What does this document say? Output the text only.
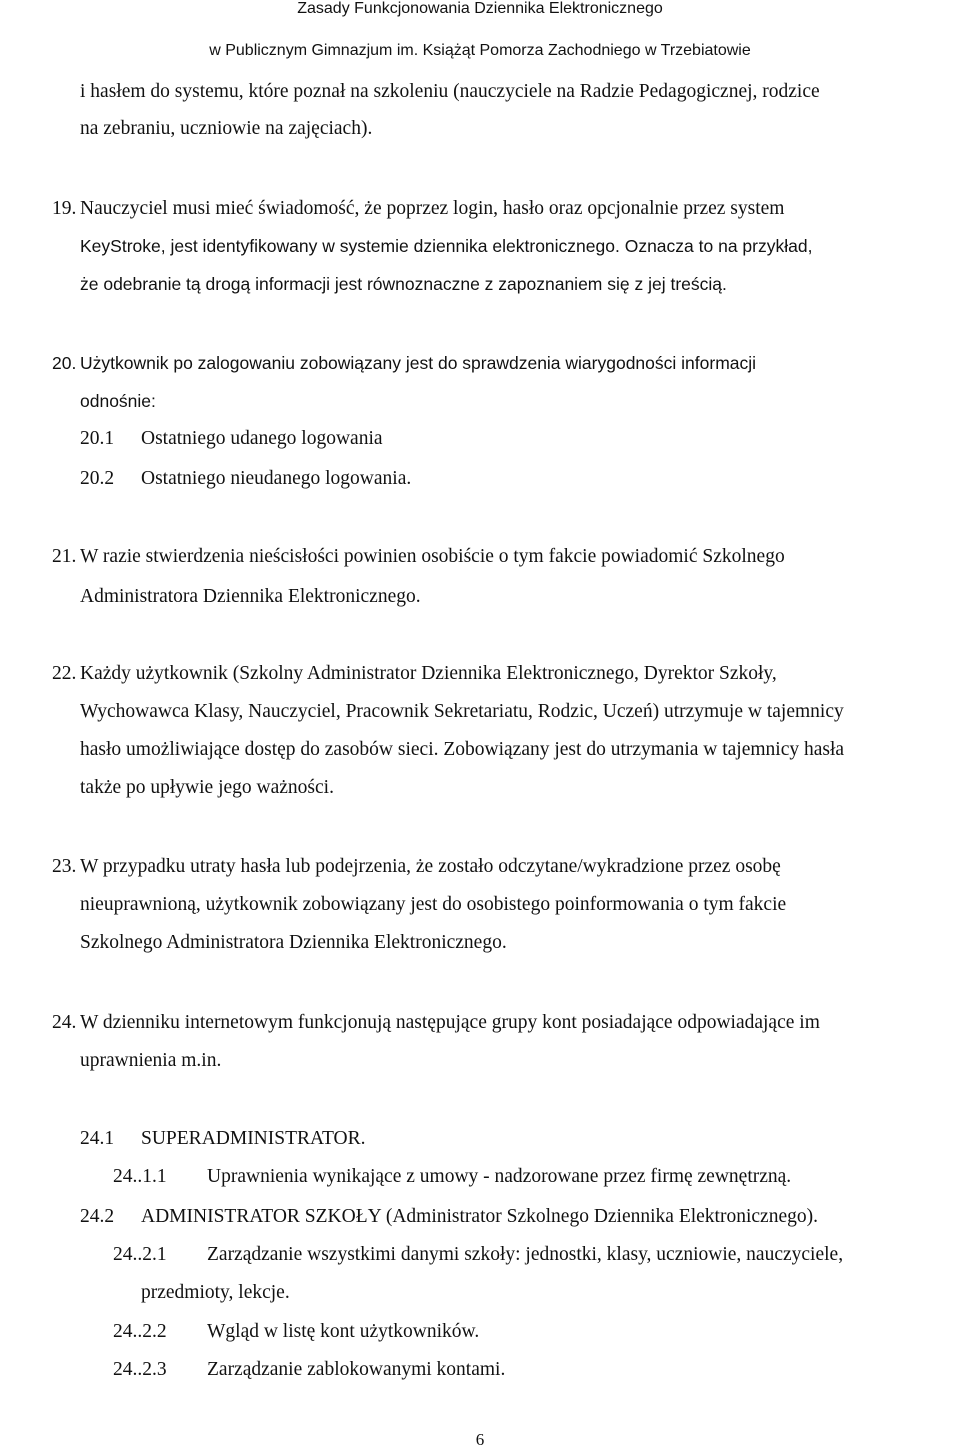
Zasady Funkcjonowania Dziennika Elektronicznego
w Publicznym Gimnazjum im. Książąt Pomorza Zachodniego w Trzebiatowie
i hasłem do systemu, które poznał na szkoleniu (nauczyciele na Radzie Pedagogicznej, rodzice
na zebraniu, uczniowie na zajęciach).
19. Nauczyciel musi mieć świadomość, że poprzez login, hasło oraz opcjonalnie przez system
KeyStroke, jest identyfikowany w systemie dziennika elektronicznego. Oznacza to na przykład,
że odebranie tą drogą informacji jest równoznaczne z zapoznaniem się z jej treścią.
20. Użytkownik po zalogowaniu zobowiązany jest do sprawdzenia wiarygodności informacji
odnośnie:
20.1 Ostatniego udanego logowania
20.2 Ostatniego nieudanego logowania.
21. W razie stwierdzenia nieścisłości powinien osobiście o tym fakcie powiadomić Szkolnego
Administratora Dziennika Elektronicznego.
22. Każdy użytkownik (Szkolny Administrator Dziennika Elektronicznego, Dyrektor Szkoły,
Wychowawca Klasy, Nauczyciel, Pracownik Sekretariatu, Rodzic, Uczeń) utrzymuje w tajemnicy
hasło umożliwiające dostęp do zasobów sieci. Zobowiązany jest do utrzymania w tajemnicy hasła
także po upływie jego ważności.
23. W przypadku utraty hasła lub podejrzenia, że zostało odczytane/wykradzione przez osobę
nieuprawnioną, użytkownik zobowiązany jest do osobistego poinformowania o tym fakcie
Szkolnego Administratora Dziennika Elektronicznego.
24. W dzienniku internetowym funkcjonują następujące grupy kont posiadające odpowiadające im
uprawnienia m.in.
24.1 SUPERADMINISTRATOR.
24..1.1 Uprawnienia wynikające z umowy - nadzorowane przez firmę zewnętrzną.
24.2 ADMINISTRATOR SZKOŁY (Administrator Szkolnego Dziennika Elektronicznego).
24..2.1 Zarządzanie wszystkimi danymi szkoły: jednostki, klasy, uczniowie, nauczyciele,
przedmioty, lekcje.
24..2.2 Wgląd w listę kont użytkowników.
24..2.3 Zarządzanie zablokowanymi kontami.
6
